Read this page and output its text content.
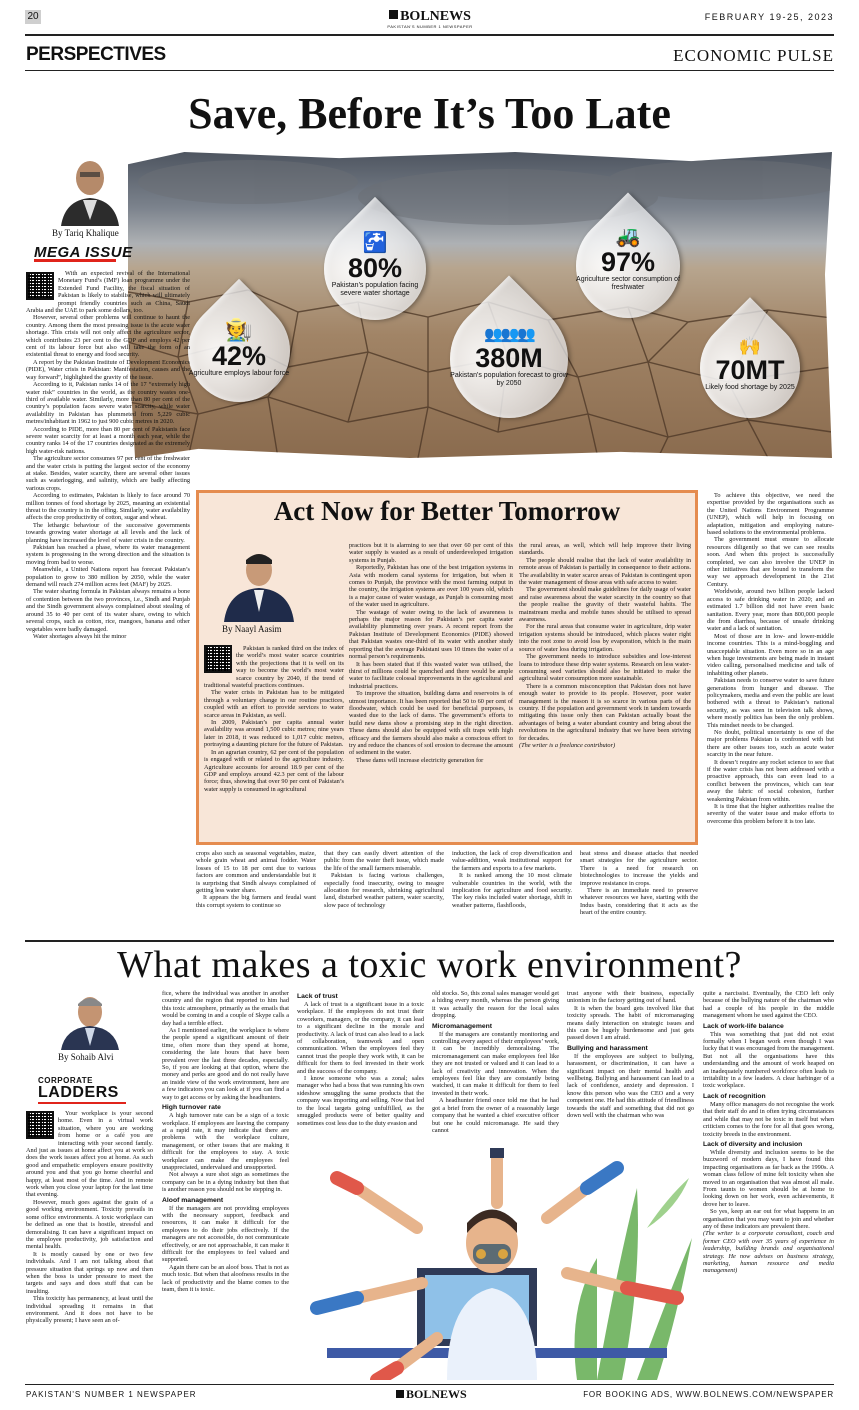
20	BOLNEWS
PAKISTAN'S NUMBER 1 NEWSPAPER
FEBRUARY 19-25, 2023
PERSPECTIVES	ECONOMIC PULSE
Save, Before It’s Too Late
🧑‍🌾
42%
Agriculture employs labour force
🚰
80%
Pakistan's population facing severe water shortage
👥👥👥
380M
Pakistan's population forecast to grow by 2050
🚜
97%
Agriculture sector consumption of freshwater
🙌
70MT
Likely food shortage by 2025
By Tariq Khalique
MEGA ISSUE

With an expected revival of the International Monetary Fund’s (IMF) loan programme under the Extended Fund Facility, the fiscal situation of Pakistan is likely to stabilise, which will ultimately prompt friendly countries such as China, Saudi Arabia and the UAE to park some dollars, too.

However, several other problems will continue to haunt the country. Among them the most pressing issue is the acute water shortage. This crisis will not only affect the agriculture sector, which contributes 23 per cent to the GDP and employs 42 per cent of its labour force but also will take the form of an existential threat to energy and food security.

A report by the Pakistan Institute of Development Economics (PIDE), Water crisis in Pakistan: Manifestation, causes and the way forward”, highlighted the gravity of the issue.

According to it, Pakistan ranks 14 of the 17 “extremely high water risk” countries in the world, as the country wastes one-third of available water. Similarly, more than 80 per cent of the country’s population faces severe water scarcity, while water availability in Pakistan has plummeted from 5,229 cubic metres/inhabitant in 1962 to just 900 cubic metres in 2020.

According to PIDE, more than 80 per cent of Pakistanis face severe water scarcity for at least a month each year, while the country ranks 14 of the 17 countries designated as the extremely high water-risk nations.

The agriculture sector consumes 97 per cent of the freshwater and the water crisis is putting the largest sector of the economy at stake. Besides, water scarcity, there are several other issues such as waterlogging, and salinity, which are badly affecting various crops.

According to estimates, Pakistan is likely to face around 70 million tonnes of food shortage by 2025, meaning an existential threat to the country is in the offing. Similarly, water availability affects the crop productivity of cotton, sugar and wheat.

The lethargic behaviour of the successive governments towards growing water shortage at all levels and the lack of planning have increased the level of water crisis in the country.

Pakistan has reached a phase, where its water management system is progressing in the wrong direction and the situation is moving from bad to worse.

Meanwhile, a United Nations report has forecast Pakistan’s population to grow to 380 million by 2050, while the water demand will reach 274 million acres feet (MAF) by 2025.

The water sharing formula in Pakistan always remains a bone of contention between the two provinces, i.e., Sindh and Punjab and the Sindh government always complained about stealing of around 35 to 40 per cent of its water share, owing to which several crops, such as cotton, rice, mangoes, banana and other vegetables were badly damaged.

Water shortages always hit the minor

Act Now for Better Tomorrow
By Naayl Aasim

Pakistan is ranked third on the index of the world’s most water scarce countries with the projections that it is well on its way to become the world’s most water scarce country by 2040, if the trend of traditional wasteful practices continues.

The water crisis in Pakistan has to be mitigated through a voluntary change in our routine practices, coupled with an effort to provide services to water scarce areas in Pakistan, as well.

In 2009, Pakistan’s per capita annual water availability was around 1,500 cubic metres; nine years later in 2018, it was reduced to 1,017 cubic metres, portraying a daunting picture for the future of Pakistan.

In an agrarian country, 62 per cent of the population is engaged with or related to the agriculture industry. Agriculture accounts for around 18.9 per cent of the GDP and employs around 42.3 per cent of the labour force; thus, showing that over 90 per cent of Pakistan’s water supply is consumed in agricultural

practices but it is alarming to see that over 60 per cent of this water supply is wasted as a result of underdeveloped irrigation systems in Punjab.

Reportedly, Pakistan has one of the best irrigation systems in Asia with modern canal systems for irrigation, but when it comes to Punjab, the province with the most farming output in the country, the irrigation systems are over 100 years old, which is a major cause of water wastage, as Punjab is consuming most of the water used in agriculture.

The wastage of water owing to the lack of awareness is perhaps the major reason for Pakistan’s per capita water availability plummeting over years. A recent report from the Pakistan Institute of Development Economics (PIDE) showed that Pakistan wastes one-third of its water with another study reporting that the average Pakistani uses 10 times the water of a normal person’s requirements.

It has been stated that if this wasted water was utilised, the thirst of millions could be quenched and there would be ample water to facilitate colossal improvements in the agricultural and industrial practices.

To improve the situation, building dams and reservoirs is of utmost importance. It has been reported that 50 to 60 per cent of floodwater, which could be used for beneficial purposes, is wasted due to the lack of dams. The government’s efforts to build new dams show a promising step in the right direction. These dams should also be equipped with silt traps with high efficacy and the farmers should also make a conscious effort to try and reduce the chances of soil erosion to decrease the amount of sediment in the water.

These dams will increase electricity generation for

the rural areas, as well, which will help improve their living standards.

The people should realise that the lack of water availability in remote areas of Pakistan is partially in consequence to their actions. The availability in water scarce areas of Pakistan is contingent upon the water management of those areas with safe access to water.

The government should make guidelines for daily usage of water and raise awareness about the water scarcity in the country so that the people realise the gravity of their wasteful habits. The mainstream media and mobile tunes should be utilised to spread awareness.

For the rural areas that consume water in agriculture, drip water irrigation systems should be introduced, which places water right into the root zone to avoid loss by evaporation, which is the main source of water loss during irrigation.

The government needs to introduce subsidies and low-interest loans to introduce these drip water systems. Research on less water-consuming seed varieties should also be initiated to make the agricultural water consumption more sustainable.

There is a common misconception that Pakistan does not have enough water to provide to its people. However, poor water management is the reason it is so scarce in various parts of the country. If the population and government work in tandem towards mitigating this issue only then can Pakistan actually boast the advantages of being a water abundant country and bring about the revolutions in the agricultural industry that we have been striving for decades.

(The writer is a freelance contributor)

To achieve this objective, we need the expertise provided by the organisations such as the United Nations Environment Programme (UNEP), which will help in focusing on adaptation, mitigation and employing nature-based solutions to the environmental problems.

The government must ensure to allocate resources diligently so that we can see results soon. And when this project is successfully completed, we can also involve the UNEP in other initiatives that are bound to transform the way we approach development in the 21st Century.

Worldwide, around two billion people lacked access to safe drinking water in 2020; and an estimated 1.7 billion did not have even basic sanitation. Every year, more than 800,000 people die from diarrhea, because of unsafe drinking water and a lack of sanitation.

Most of those are in low- and lower-middle income countries. This is a mind-boggling and unacceptable situation. Even more so in an age when huge investments are being made in instant video calling, personalised medicine and talk of inhabiting other planets.

Pakistan needs to conserve water to save future generations from hunger and disease. The policymakers, media and even the public are least bothered with a threat to Pakistan’s national security, as was seen in television talk shows, where mostly politics has been the only problem. This mindset needs to be changed.

No doubt, political uncertainty is one of the major problems Pakistan is confronted with but there are other issues too, such as acute water scarcity in the near future.

It doesn’t require any rocket science to see that if the water crisis has not been addressed with a proactive approach, this can even lead to a conflict between the provinces, which can tear away the fabric of social cohesion, further weakening Pakistan from within.

It is time that the higher authorities realise the severity of the water issue and make efforts to overcome this problem before it is too late.

crops also such as seasonal vegetables, maize, whole grain wheat and animal fodder. Water losses of 15 to 18 per cent due to various factors are common and understandable but it is surprising that Sindh always complained of getting less water share.

It appears the big farmers and feudal want this corrupt system to continue so

that they can easily divert attention of the public from the water theft issue, which made the life of the small farmers miserable.

Pakistan is facing various challenges, especially food insecurity, owing to meagre allocation for research, shrinking agricultural land, disturbed weather pattern, water scarcity, slow pace of technology

induction, the lack of crop diversification and value-addition, weak institutional support for the farmers and exports to a few markets.

It is ranked among the 10 most climate vulnerable countries in the world, with the implication for agriculture and food security. The key risks included water shortage, shift in weather patterns, flashfloods,

heat stress and disease attacks that needed smart strategies for the agriculture sector. There is a need for research on biotechnologies to increase the yields and improve resistance in crops.

There is an immediate need to preserve whatever resources we have, starting with the Indus basin, considering that it acts as the heart of the entire country.

What makes a toxic work environment?
By Sohaib Alvi
CORPORATE
LADDERS

Your workplace is your second home. Even in a virtual work situation, where you are working from home or a café you are interacting with your second family. And just as issues at home affect you at work so does the work issues affect you at home. As such good and empathetic employers ensure positivity around you and that you go home cheerful and happy, at least most of the time. And in remote work when you close your laptop for the last time that evening.

However, much goes against the grain of a good working environment. Toxicity prevails in some office environments. A toxic workplace can be defined as one that is hostile, stressful and demoralising. It can have a significant impact on the employee productivity, job satisfaction and mental health.

It is mostly caused by one or two few individuals. And I am not talking about that pressure situation that springs up now and then when the boss is under pressure to meet the targets and says and does stuff that can be insulting.

This toxicity has permanency, at least until the individual spreading it remains in that environment. And it does not have to be physically present; I have seen an of-

fice, where the individual was another in another country and the region that reported to him had this toxic atmosphere, primarily as the emails that would be coming in and a couple of Skype calls a day had a terrible effect.

As I mentioned earlier, the workplace is where the people spend a significant amount of their time, often more than they spend at home, considering the late hours that have been prevalent over the last three decades, especially. So, if you are looking at that option, where the money and perks are good and do not really have an inside view of the work environment, here are a few indicators you can look at if you can find a way to get access or by asking the headhunters.

High turnover rate

A high turnover rate can be a sign of a toxic workplace. If employees are leaving the company at a rapid rate, it may indicate that there are problems with the workplace culture, management, or other issues that are making it difficult for the employees to stay. A toxic workplace can make the employees feel unappreciated, undervalued and unsupported.

Not always a sure shot sign as sometimes the company can be in a dying industry but then that is another reason you should not be stepping in.

Aloof management

If the managers are not providing employees with the necessary support, feedback and resources, it can make it difficult for the employees to do their jobs effectively. If the managers are not accessible, do not communicate effectively, or are not approachable, it can make it difficult for the employees to feel valued and supported.

Again there can be an aloof boss. That is not as much toxic. But when that aloofness results in the lack of productivity and the blame comes to the team, then it is toxic.

Lack of trust

A lack of trust is a significant issue in a toxic workplace. If the employees do not trust their coworkers, managers, or the company, it can lead to a significant decline in the morale and productivity. A lack of trust can also lead to a lack of collaboration, teamwork and open communication. When the employees feel they cannot trust the people they work with, it can be difficult for them to feel invested in their work and the success of the company.

I know someone who was a zonal; sales manager who had a boss that was running his own sideshow smuggling the same products that the company was importing and selling. Now that led to the local targets going unfulfilled, as the smuggled products were of better quality and sometimes cost less due to the duty evasion and

old stocks. So, this zonal sales manager would get a hiding every month, whereas the person giving it was actually the reason for the local sales dropping.

Micromanagement

If the managers are constantly monitoring and controlling every aspect of their employees’ work, it can be incredibly demoralising. The micromanagement can make employees feel like they are not trusted or valued and it can lead to a lack of creativity and innovation. When the employees feel like they are constantly being watched, it can make it difficult for them to feel invested in their work.

A headhunter friend once told me that he had got a brief from the owner of a reasonably large company that he wanted a chief executive officer but one he could micromanage. He said they cannot

trust anyone with their business, especially unionism in the factory getting out of hand.

It is when the board gets involved like that toxicity spreads. The habit of micromanaging means daily interaction on strategic issues and this can be hugely burdensome and just gets passed down I am afraid.

Bullying and harassment

If the employees are subject to bullying, harassment, or discrimination, it can have a significant impact on their mental health and wellbeing. Bullying and harassment can lead to a lack of confidence, anxiety and depression. I know this person who was the CEO and a very competent one. He had this attitude of friendliness towards the staff and something that did not go down well with the chairman who was

quite a narcissist. Eventually, the CEO left only because of the bullying nature of the chairman who had a couple of his people in the middle management whom he used against the CEO.

Lack of work-life balance

This was something that just did not exist formally when I began work even though I was lucky that it was encouraged from the management. But not all the organisations have this understanding and the amount of work heaped on an inadequately numbered workforce often leads to irritability in a few leaders. A clear harbinger of a toxic workplace.

Lack of recognition

Many office managers do not recognise the work that their staff do and in often trying circumstances and while that may not be toxic in itself but when criticism comes to the fore for all that goes wrong, toxicity breeds in the environment.

Lack of diversity and inclusion

While diversity and inclusion seems to be the buzzword of modern days, I have found this impacting organisations as far back as the 1990s. A woman class fellow of mine felt toxicity when she moved to an organisation that was almost all male. From taunts to women should be at home to looking down on her work, even achievements, it drove her to leave.

So yes, keep an ear out for what happens in an organisation that you may want to join and whether any of these indicators are prevalent there.

(The writer is a corporate consultant, coach and former CEO with over 35 years of experience in leadership, building brands and organisational strategy. He now advises on business strategy, marketing, human resource and media management)

PAKISTAN'S NUMBER 1 NEWSPAPER	BOLNEWS	FOR BOOKING ADS, WWW.BOLNEWS.COM/NEWSPAPER
